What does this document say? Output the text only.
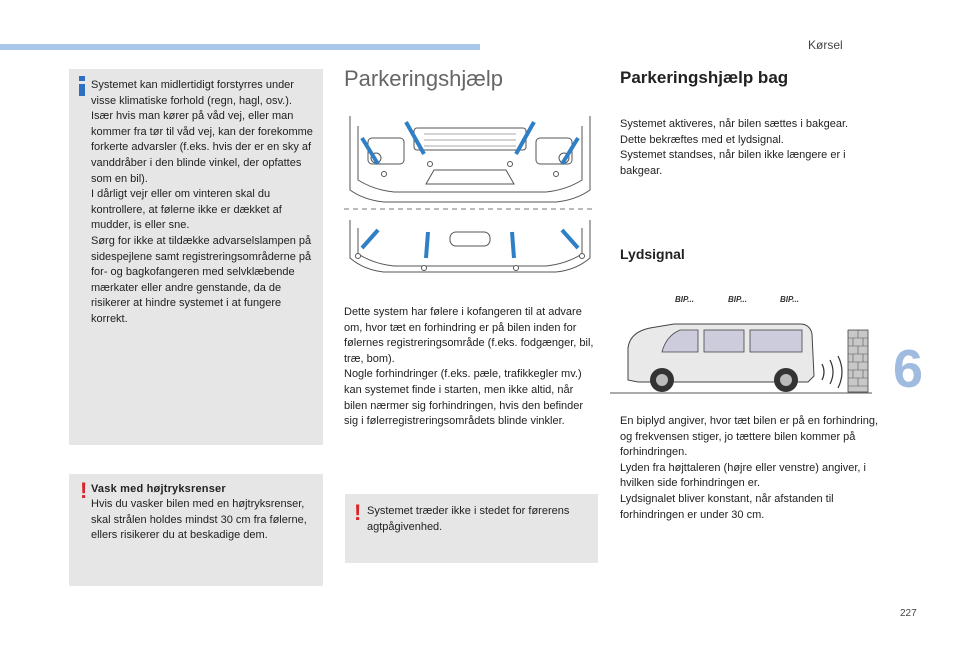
Kørsel
6
227
Systemet kan midlertidigt forstyrres under visse klimatiske forhold (regn, hagl, osv.).
Især hvis man kører på våd vej, eller man kommer fra tør til våd vej, kan der forekomme forkerte advarsler (f.eks. hvis der er en sky af vanddråber i den blinde vinkel, der opfattes som en bil).
I dårligt vejr eller om vinteren skal du kontrollere, at følerne ikke er dækket af mudder, is eller sne.
Sørg for ikke at tildække advarselslampen på sidespejlene samt registreringsområderne på for- og bagkofangeren med selvklæbende mærkater eller andre genstande, da de risikerer at hindre systemet i at fungere korrekt.
! Vask med højtryksrenser
Hvis du vasker bilen med en højtryksrenser, skal strålen holdes mindst 30 cm fra følerne, ellers risikerer du at beskadige dem.
Parkeringshjælp
Dette system har følere i kofangeren til at advare om, hvor tæt en forhindring er på bilen inden for følernes registreringsområde (f.eks. fodgænger, bil, træ, bom).
Nogle forhindringer (f.eks. pæle, trafikkegler mv.) kan systemet finde i starten, men ikke altid, når bilen nærmer sig forhindringen, hvis den befinder sig i følerregistreringsområdets blinde vinkler.
! Systemet træder ikke i stedet for førerens agtpågivenhed.
Parkeringshjælp bag
Systemet aktiveres, når bilen sættes i bakgear.
Dette bekræftes med et lydsignal.
Systemet standses, når bilen ikke længere er i bakgear.
Lydsignal
BIP...	BIP...	BIP...
En biplyd angiver, hvor tæt bilen er på en forhindring, og frekvensen stiger, jo tættere bilen kommer på forhindringen.
Lyden fra højttaleren (højre eller venstre) angiver, i hvilken side forhindringen er.
Lydsignalet bliver konstant, når afstanden til forhindringen er under 30 cm.
